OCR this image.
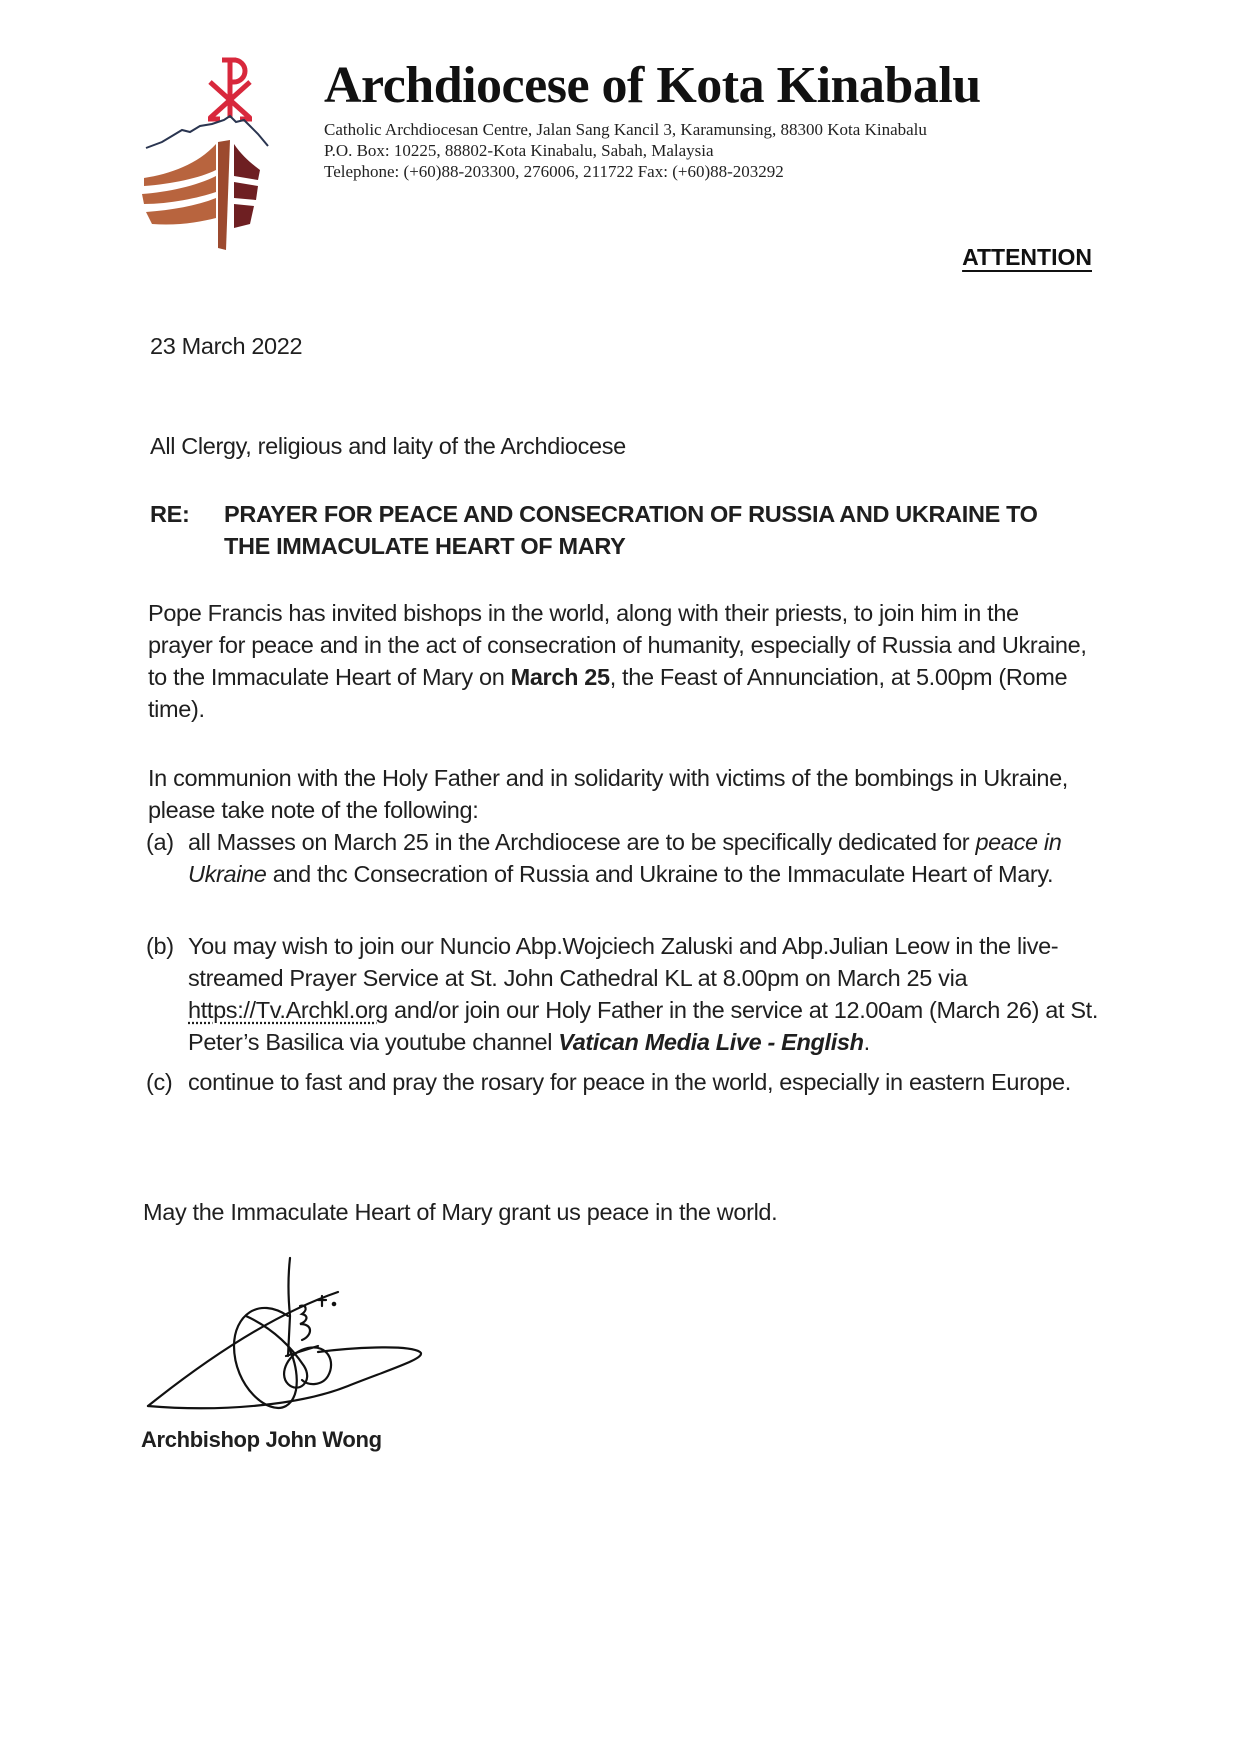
Archdiocese of Kota Kinabalu
Catholic Archdiocesan Centre, Jalan Sang Kancil 3, Karamunsing, 88300 Kota Kinabalu
P.O. Box: 10225, 88802-Kota Kinabalu, Sabah, Malaysia
Telephone: (+60)88-203300, 276006, 211722 Fax: (+60)88-203292
ATTENTION
23 March 2022
All Clergy, religious and laity of the Archdiocese
RE: PRAYER FOR PEACE AND CONSECRATION OF RUSSIA AND UKRAINE TO THE IMMACULATE HEART OF MARY
Pope Francis has invited bishops in the world, along with their priests, to join him in the prayer for peace and in the act of consecration of humanity, especially of Russia and Ukraine, to the Immaculate Heart of Mary on March 25, the Feast of Annunciation, at 5.00pm (Rome time).
In communion with the Holy Father and in solidarity with victims of the bombings in Ukraine, please take note of the following:
(a) all Masses on March 25 in the Archdiocese are to be specifically dedicated for peace in Ukraine and thc Consecration of Russia and Ukraine to the Immaculate Heart of Mary.
(b) You may wish to join our Nuncio Abp.Wojciech Zaluski and Abp.Julian Leow in the live-streamed Prayer Service at St. John Cathedral KL at 8.00pm on March 25 via https://Tv.Archkl.org and/or join our Holy Father in the service at 12.00am (March 26) at St. Peter’s Basilica via youtube channel Vatican Media Live - English.
(c) continue to fast and pray the rosary for peace in the world, especially in eastern Europe.
May the Immaculate Heart of Mary grant us peace in the world.
Archbishop John Wong
